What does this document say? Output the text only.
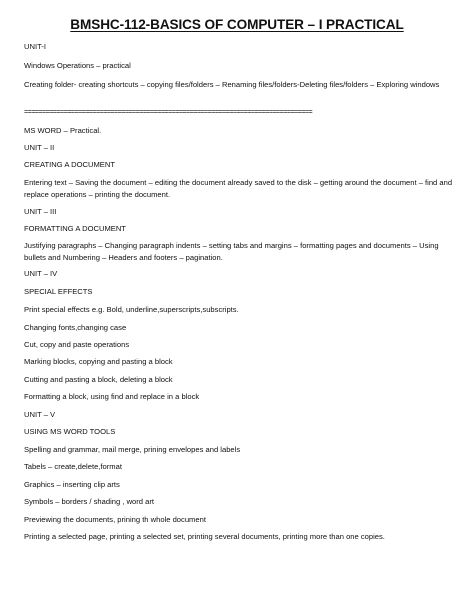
BMSHC-112-BASICS OF COMPUTER – I PRACTICAL
UNIT-I
Windows Operations – practical
Creating folder- creating shortcuts – copying files/folders – Renaming files/folders-Deleting files/folders – Exploring windows
================================================================================
MS WORD – Practical.
UNIT – II
CREATING A DOCUMENT
Entering text – Saving the document – editing the document already saved to the disk – getting around the document – find and replace operations – printing the document.
UNIT – III
FORMATTING A DOCUMENT
Justifying paragraphs – Changing paragraph indents – setting tabs and margins – formatting pages and documents – Using bullets and Numbering – Headers and footers – pagination.
UNIT – IV
SPECIAL EFFECTS
Print special effects e.g. Bold, underline,superscripts,subscripts.
Changing fonts,changing case
Cut, copy and paste operations
Marking blocks, copying and pasting a block
Cutting and pasting a block, deleting a block
Formatting a block, using find and replace in a block
UNIT – V
USING MS WORD TOOLS
Spelling and grammar, mail merge, prining envelopes and labels
Tabels – create,delete,format
Graphics – inserting clip arts
Symbols – borders / shading , word art
Previewing the documents, prining th whole document
Printing a selected page, printing a selected set, printing several documents, printing more than one copies.
